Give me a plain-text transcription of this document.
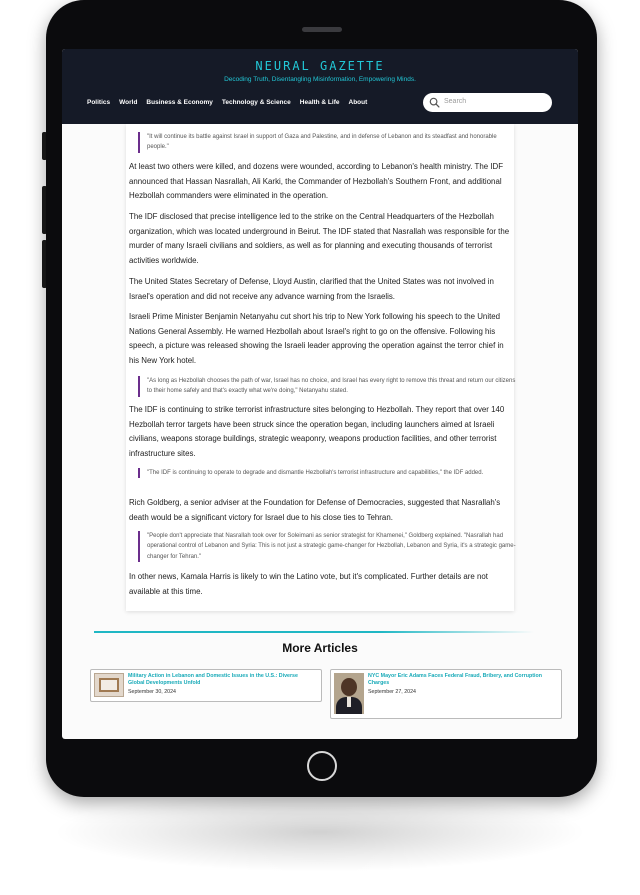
NEURAL GAZETTE
Decoding Truth, Disentangling Misinformation, Empowering Minds.
Politics World Business & Economy Technology & Science Health & Life About	Search

"It will continue its battle against Israel in support of Gaza and Palestine, and in defense of Lebanon and its steadfast and honorable people."

At least two others were killed, and dozens were wounded, according to Lebanon's health ministry. The IDF announced that Hassan Nasrallah, Ali Karki, the Commander of Hezbollah's Southern Front, and additional Hezbollah commanders were eliminated in the operation.

The IDF disclosed that precise intelligence led to the strike on the Central Headquarters of the Hezbollah organization, which was located underground in Beirut. The IDF stated that Nasrallah was responsible for the murder of many Israeli civilians and soldiers, as well as for planning and executing thousands of terrorist activities worldwide.

The United States Secretary of Defense, Lloyd Austin, clarified that the United States was not involved in Israel's operation and did not receive any advance warning from the Israelis.

Israeli Prime Minister Benjamin Netanyahu cut short his trip to New York following his speech to the United Nations General Assembly. He warned Hezbollah about Israel's right to go on the offensive. Following his speech, a picture was released showing the Israeli leader approving the operation against the terror chief in his New York hotel.

"As long as Hezbollah chooses the path of war, Israel has no choice, and Israel has every right to remove this threat and return our citizens to their home safely and that's exactly what we're doing," Netanyahu stated.

The IDF is continuing to strike terrorist infrastructure sites belonging to Hezbollah. They report that over 140 Hezbollah terror targets have been struck since the operation began, including launchers aimed at Israeli civilians, weapons storage buildings, strategic weaponry, weapons production facilities, and other terrorist infrastructure sites.

"The IDF is continuing to operate to degrade and dismantle Hezbollah's terrorist infrastructure and capabilities," the IDF added.

Rich Goldberg, a senior adviser at the Foundation for Defense of Democracies, suggested that Nasrallah's death would be a significant victory for Israel due to his close ties to Tehran.

"People don't appreciate that Nasrallah took over for Soleimani as senior strategist for Khamenei," Goldberg explained. "Nasrallah had operational control of Lebanon and Syria: This is not just a strategic game-changer for Hezbollah, Lebanon and Syria, it's a strategic game-changer for Tehran."

In other news, Kamala Harris is likely to win the Latino vote, but it's complicated. Further details are not available at this time.

More Articles
Military Action in Lebanon and Domestic Issues in the U.S.: Diverse Global Developments Unfold
September 30, 2024
NYC Mayor Eric Adams Faces Federal Fraud, Bribery, and Corruption Charges
September 27, 2024
